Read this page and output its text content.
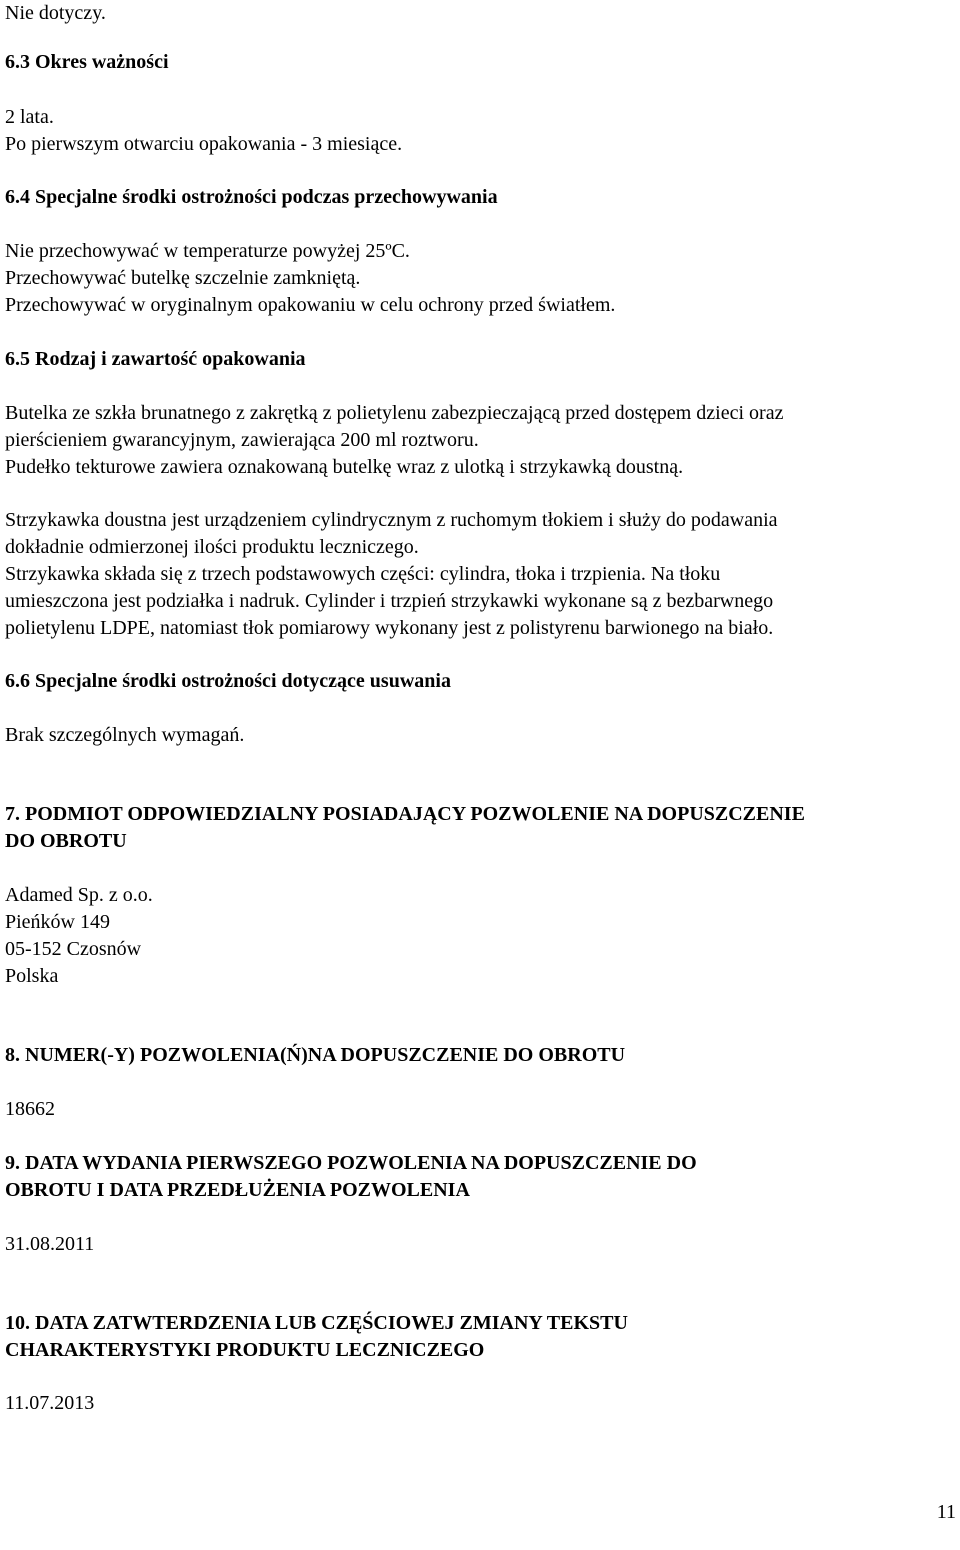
Nie dotyczy.
6.3 Okres ważności
2 lata.
Po pierwszym otwarciu opakowania - 3 miesiące.
6.4 Specjalne środki ostrożności podczas przechowywania
Nie przechowywać w temperaturze powyżej 25ºC.
Przechowywać butelkę szczelnie zamkniętą.
Przechowywać w oryginalnym opakowaniu w celu ochrony przed światłem.
6.5 Rodzaj i zawartość opakowania
Butelka ze szkła brunatnego z zakrętką z polietylenu zabezpieczającą przed dostępem dzieci oraz
pierścieniem gwarancyjnym, zawierająca 200 ml roztworu.
Pudełko tekturowe zawiera oznakowaną butelkę wraz z ulotką i strzykawką doustną.
Strzykawka doustna jest urządzeniem cylindrycznym z ruchomym tłokiem i służy do podawania
dokładnie odmierzonej ilości produktu leczniczego.
Strzykawka składa się z trzech podstawowych części: cylindra, tłoka i trzpienia. Na tłoku
umieszczona jest podziałka i nadruk. Cylinder i trzpień strzykawki wykonane są z bezbarwnego
polietylenu LDPE, natomiast tłok pomiarowy wykonany jest z polistyrenu barwionego na biało.
6.6 Specjalne środki ostrożności dotyczące usuwania
Brak szczególnych wymagań.
7. PODMIOT ODPOWIEDZIALNY POSIADAJĄCY POZWOLENIE NA DOPUSZCZENIE
DO OBROTU
Adamed Sp. z o.o.
Pieńków 149
05-152 Czosnów
Polska
8. NUMER(-Y) POZWOLENIA(Ń)NA DOPUSZCZENIE DO OBROTU
18662
9. DATA WYDANIA PIERWSZEGO POZWOLENIA NA DOPUSZCZENIE DO
OBROTU I DATA PRZEDŁUŻENIA POZWOLENIA
31.08.2011
10. DATA ZATWTERDZENIA LUB CZĘŚCIOWEJ ZMIANY TEKSTU
CHARAKTERYSTYKI PRODUKTU LECZNICZEGO
11.07.2013
11
